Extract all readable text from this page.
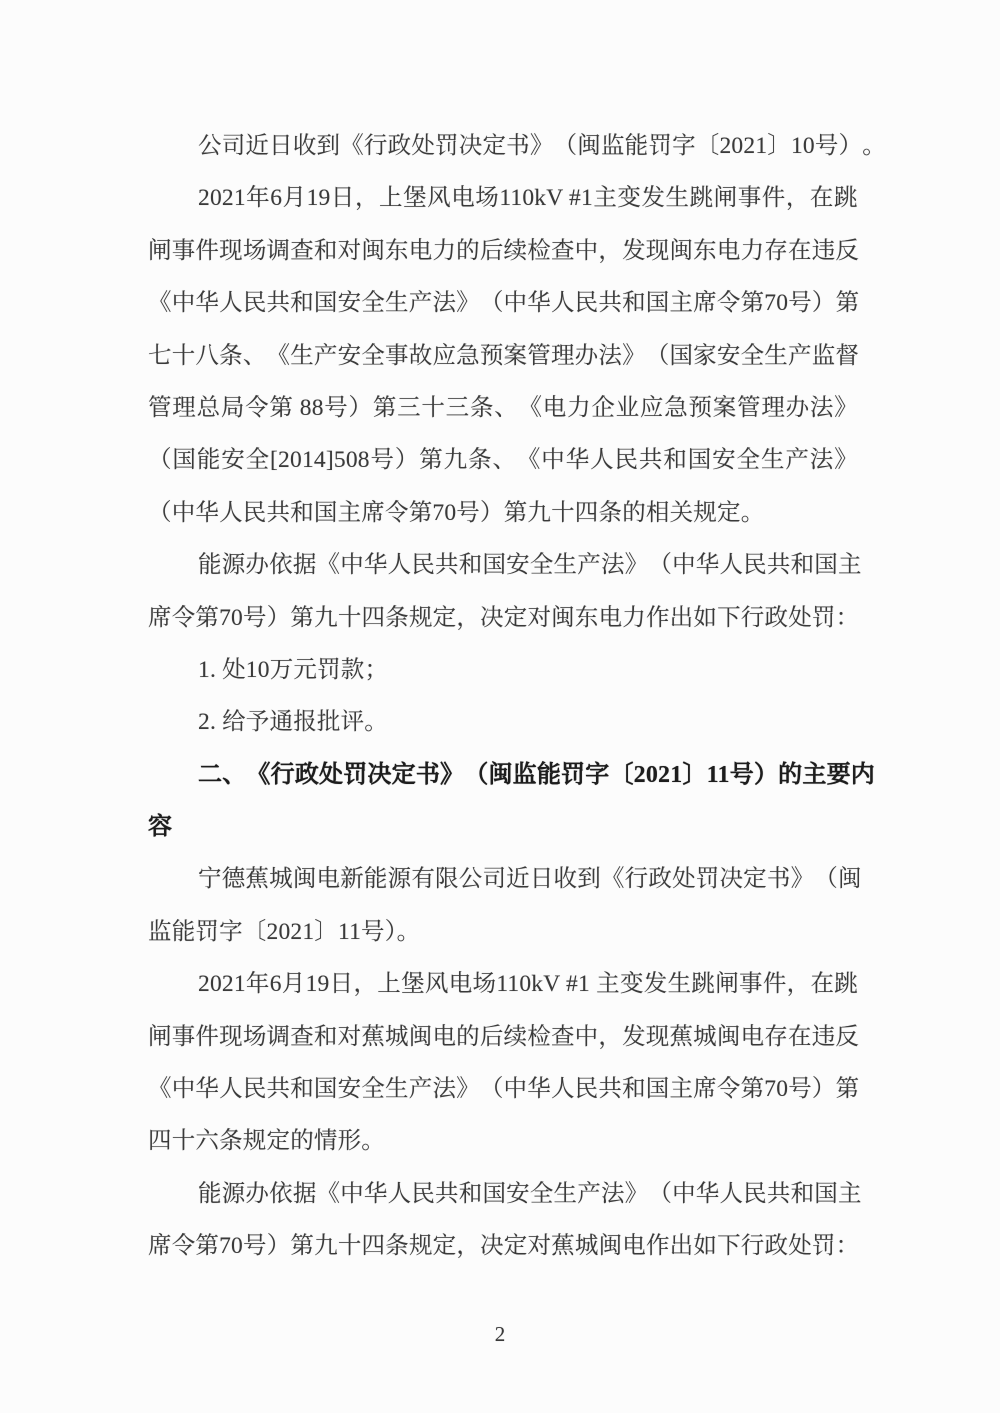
公 司 近 日 收 到 《 行 政 处 罚 决 定 书 》 （ 闽 监 能 罚 字 〔 2021 〕 10 号 ） 。
2021 年 6 月 19 日 ， 上 堡 风 电 场 110kV #1 主 变 发 生 跳 闸 事 件 ， 在 跳
闸 事 件 现 场 调 查 和 对 闽 东 电 力 的 后 续 检 查 中 ， 发 现 闽 东 电 力 存 在 违 反
《 中 华 人 民 共 和 国 安 全 生 产 法 》 （ 中 华 人 民 共 和 国 主 席 令 第 70 号 ） 第
七 十 八 条 、 《 生 产 安 全 事 故 应 急 预 案 管 理 办 法 》 （ 国 家 安 全 生 产 监 督
管 理 总 局 令 第 88 号 ） 第 三 十 三 条 、 《 电 力 企 业 应 急 预 案 管 理 办 法 》
（ 国 能 安 全 [2014]508 号 ） 第 九 条 、 《 中 华 人 民 共 和 国 安 全 生 产 法 》
（中华人民共和国主席令第70号）第九十四条的相关规定。
能 源 办 依 据 《 中 华 人 民 共 和 国 安 全 生 产 法 》 （ 中 华 人 民 共 和 国 主
席 令 第 70 号 ） 第 九 十 四 条 规 定 ， 决 定 对 闽 东 电 力 作 出 如 下 行 政 处 罚 ：
1. 处10万元罚款；
2. 给予通报批评。
二 、 《 行 政 处 罚 决 定 书 》 （ 闽 监 能 罚 字 〔 2021 〕 11 号 ） 的 主 要 内
容
宁 德 蕉 城 闽 电 新 能 源 有 限 公 司 近 日 收 到 《 行 政 处 罚 决 定 书 》 （ 闽
监能罚字〔2021〕11号）。
2021 年 6 月 19 日 ， 上 堡 风 电 场 110kV #1 主 变 发 生 跳 闸 事 件 ， 在 跳
闸 事 件 现 场 调 查 和 对 蕉 城 闽 电 的 后 续 检 查 中 ， 发 现 蕉 城 闽 电 存 在 违 反
《 中 华 人 民 共 和 国 安 全 生 产 法 》 （ 中 华 人 民 共 和 国 主 席 令 第 70 号 ） 第
四十六条规定的情形。
能 源 办 依 据 《 中 华 人 民 共 和 国 安 全 生 产 法 》 （ 中 华 人 民 共 和 国 主
席 令 第 70 号 ） 第 九 十 四 条 规 定 ， 决 定 对 蕉 城 闽 电 作 出 如 下 行 政 处 罚 ：
2
